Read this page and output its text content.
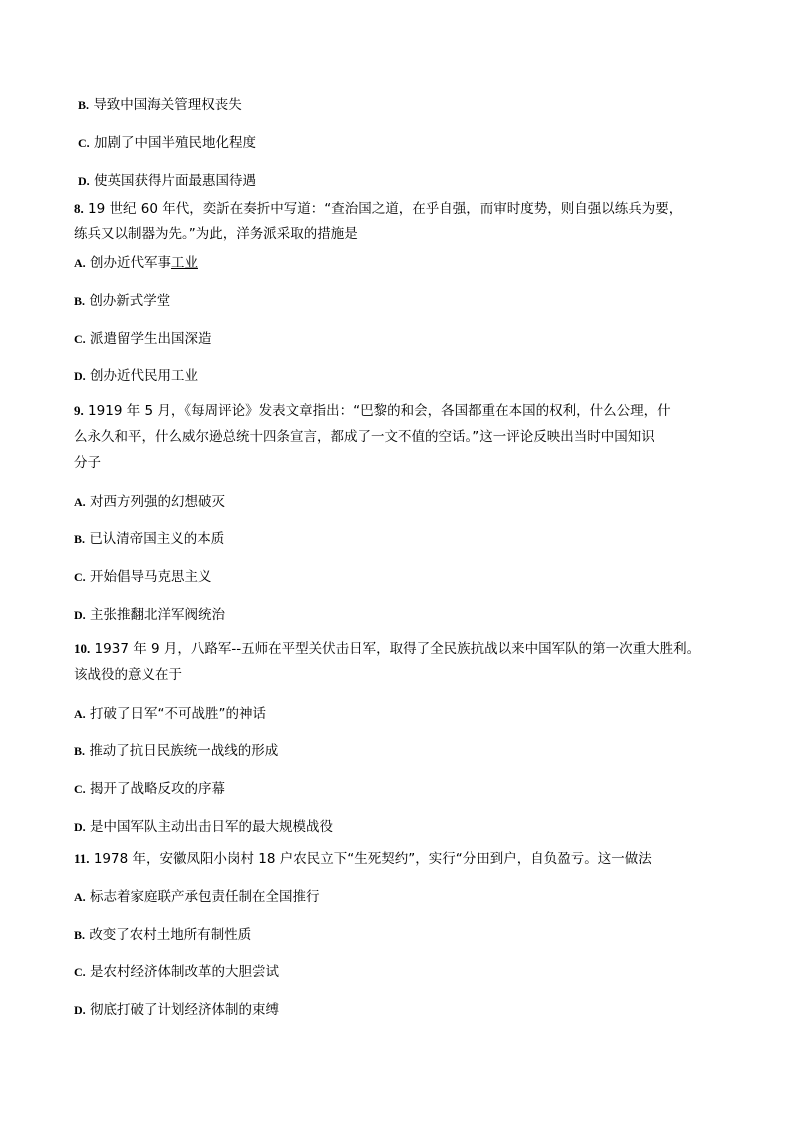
B. 导致中国海关管理权丧失
C. 加剧了中国半殖民地化程度
D. 使英国获得片面最惠国待遇
8. 19 世纪 60 年代，奕訢在奏折中写道：“查治国之道，在乎自强，而审时度势，则自强以练兵为要，
练兵又以制器为先。”为此，洋务派采取的措施是
A. 创办近代军事工业
B. 创办新式学堂
C. 派遣留学生出国深造
D. 创办近代民用工业
9. 1919 年 5 月，《每周评论》发表文章指出：“巴黎的和会，各国都重在本国的权利，什么公理，什
么永久和平，什么威尔逊总统十四条宣言，都成了一文不值的空话。”这一评论反映出当时中国知识
分子
A. 对西方列强的幻想破灭
B. 已认清帝国主义的本质
C. 开始倡导马克思主义
D. 主张推翻北洋军阀统治
10. 1937 年 9 月，八路军--五师在平型关伏击日军，取得了全民族抗战以来中国军队的第一次重大胜利。
该战役的意义在于
A. 打破了日军“不可战胜”的神话
B. 推动了抗日民族统一战线的形成
C. 揭开了战略反攻的序幕
D. 是中国军队主动出击日军的最大规模战役
11. 1978 年，安徽凤阳小岗村 18 户农民立下“生死契约”，实行“分田到户，自负盈亏。这一做法
A. 标志着家庭联产承包责任制在全国推行
B. 改变了农村土地所有制性质
C. 是农村经济体制改革的大胆尝试
D. 彻底打破了计划经济体制的束缚
